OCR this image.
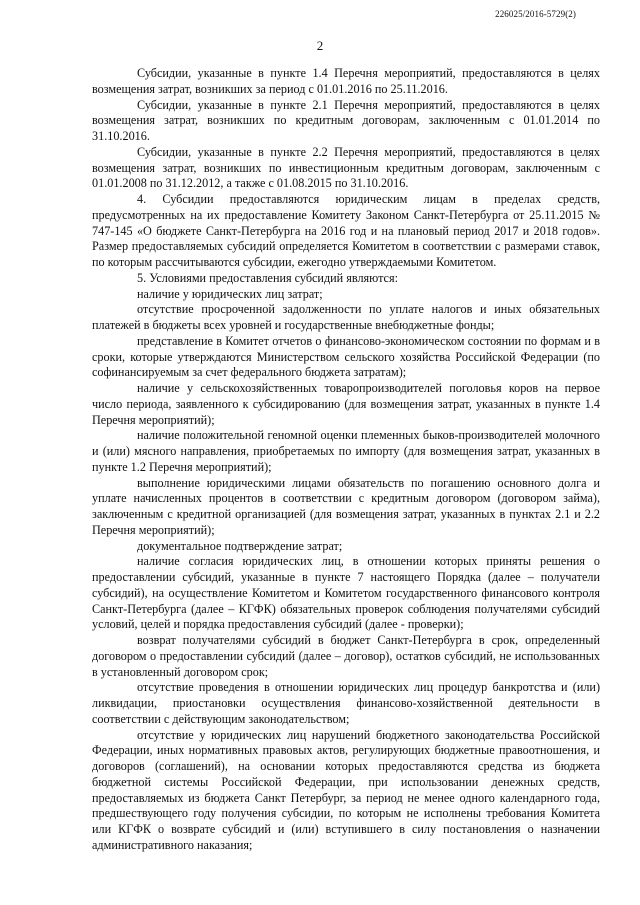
226025/2016-5729(2)
2

Субсидии, указанные в пункте 1.4 Перечня мероприятий, предоставляются в целях возмещения затрат, возникших за период с 01.01.2016 по 25.11.2016.

Субсидии, указанные в пункте 2.1 Перечня мероприятий, предоставляются в целях возмещения затрат, возникших по кредитным договорам, заключенным с 01.01.2014 по 31.10.2016.

Субсидии, указанные в пункте 2.2 Перечня мероприятий, предоставляются в целях возмещения затрат, возникших по инвестиционным кредитным договорам, заключенным с 01.01.2008 по 31.12.2012, а также с 01.08.2015 по 31.10.2016.

4. Субсидии предоставляются юридическим лицам в пределах средств, предусмотренных на их предоставление Комитету Законом Санкт-Петербурга от 25.11.2015 № 747-145 «О бюджете Санкт-Петербурга на 2016 год и на плановый период 2017 и 2018 годов». Размер предоставляемых субсидий определяется Комитетом в соответствии с размерами ставок, по которым рассчитываются субсидии, ежегодно утверждаемыми Комитетом.

5. Условиями предоставления субсидий являются:

наличие у юридических лиц затрат;

отсутствие просроченной задолженности по уплате налогов и иных обязательных платежей в бюджеты всех уровней и государственные внебюджетные фонды;

представление в Комитет отчетов о финансово-экономическом состоянии по формам и в сроки, которые утверждаются Министерством сельского хозяйства Российской Федерации (по софинансируемым за счет федерального бюджета затратам);

наличие у сельскохозяйственных товаропроизводителей поголовья коров на первое число периода, заявленного к субсидированию (для возмещения затрат, указанных в пункте 1.4 Перечня мероприятий);

наличие положительной геномной оценки племенных быков-производителей молочного и (или) мясного направления, приобретаемых по импорту (для возмещения затрат, указанных в пункте 1.2 Перечня мероприятий);

выполнение юридическими лицами обязательств по погашению основного долга и уплате начисленных процентов в соответствии с кредитным договором (договором займа), заключенным с кредитной организацией (для возмещения затрат, указанных в пунктах 2.1 и 2.2 Перечня мероприятий);

документальное подтверждение затрат;

наличие согласия юридических лиц, в отношении которых приняты решения о предоставлении субсидий, указанные в пункте 7 настоящего Порядка (далее – получатели субсидий), на осуществление Комитетом и Комитетом государственного финансового контроля Санкт-Петербурга (далее – КГФК) обязательных проверок соблюдения получателями субсидий условий, целей и порядка предоставления субсидий (далее - проверки);

возврат получателями субсидий в бюджет Санкт-Петербурга в срок, определенный договором о предоставлении субсидий (далее – договор), остатков субсидий, не использованных в установленный договором срок;

отсутствие проведения в отношении юридических лиц процедур банкротства и (или) ликвидации, приостановки осуществления финансово-хозяйственной деятельности в соответствии с действующим законодательством;

отсутствие у юридических лиц нарушений бюджетного законодательства Российской Федерации, иных нормативных правовых актов, регулирующих бюджетные правоотношения, и договоров (соглашений), на основании которых предоставляются средства из бюджета бюджетной системы Российской Федерации, при использовании денежных средств, предоставляемых из бюджета Санкт Петербург, за период не менее одного календарного года, предшествующего году получения субсидии, по которым не исполнены требования Комитета или КГФК о возврате субсидий и (или) вступившего в силу постановления о назначении административного наказания;
